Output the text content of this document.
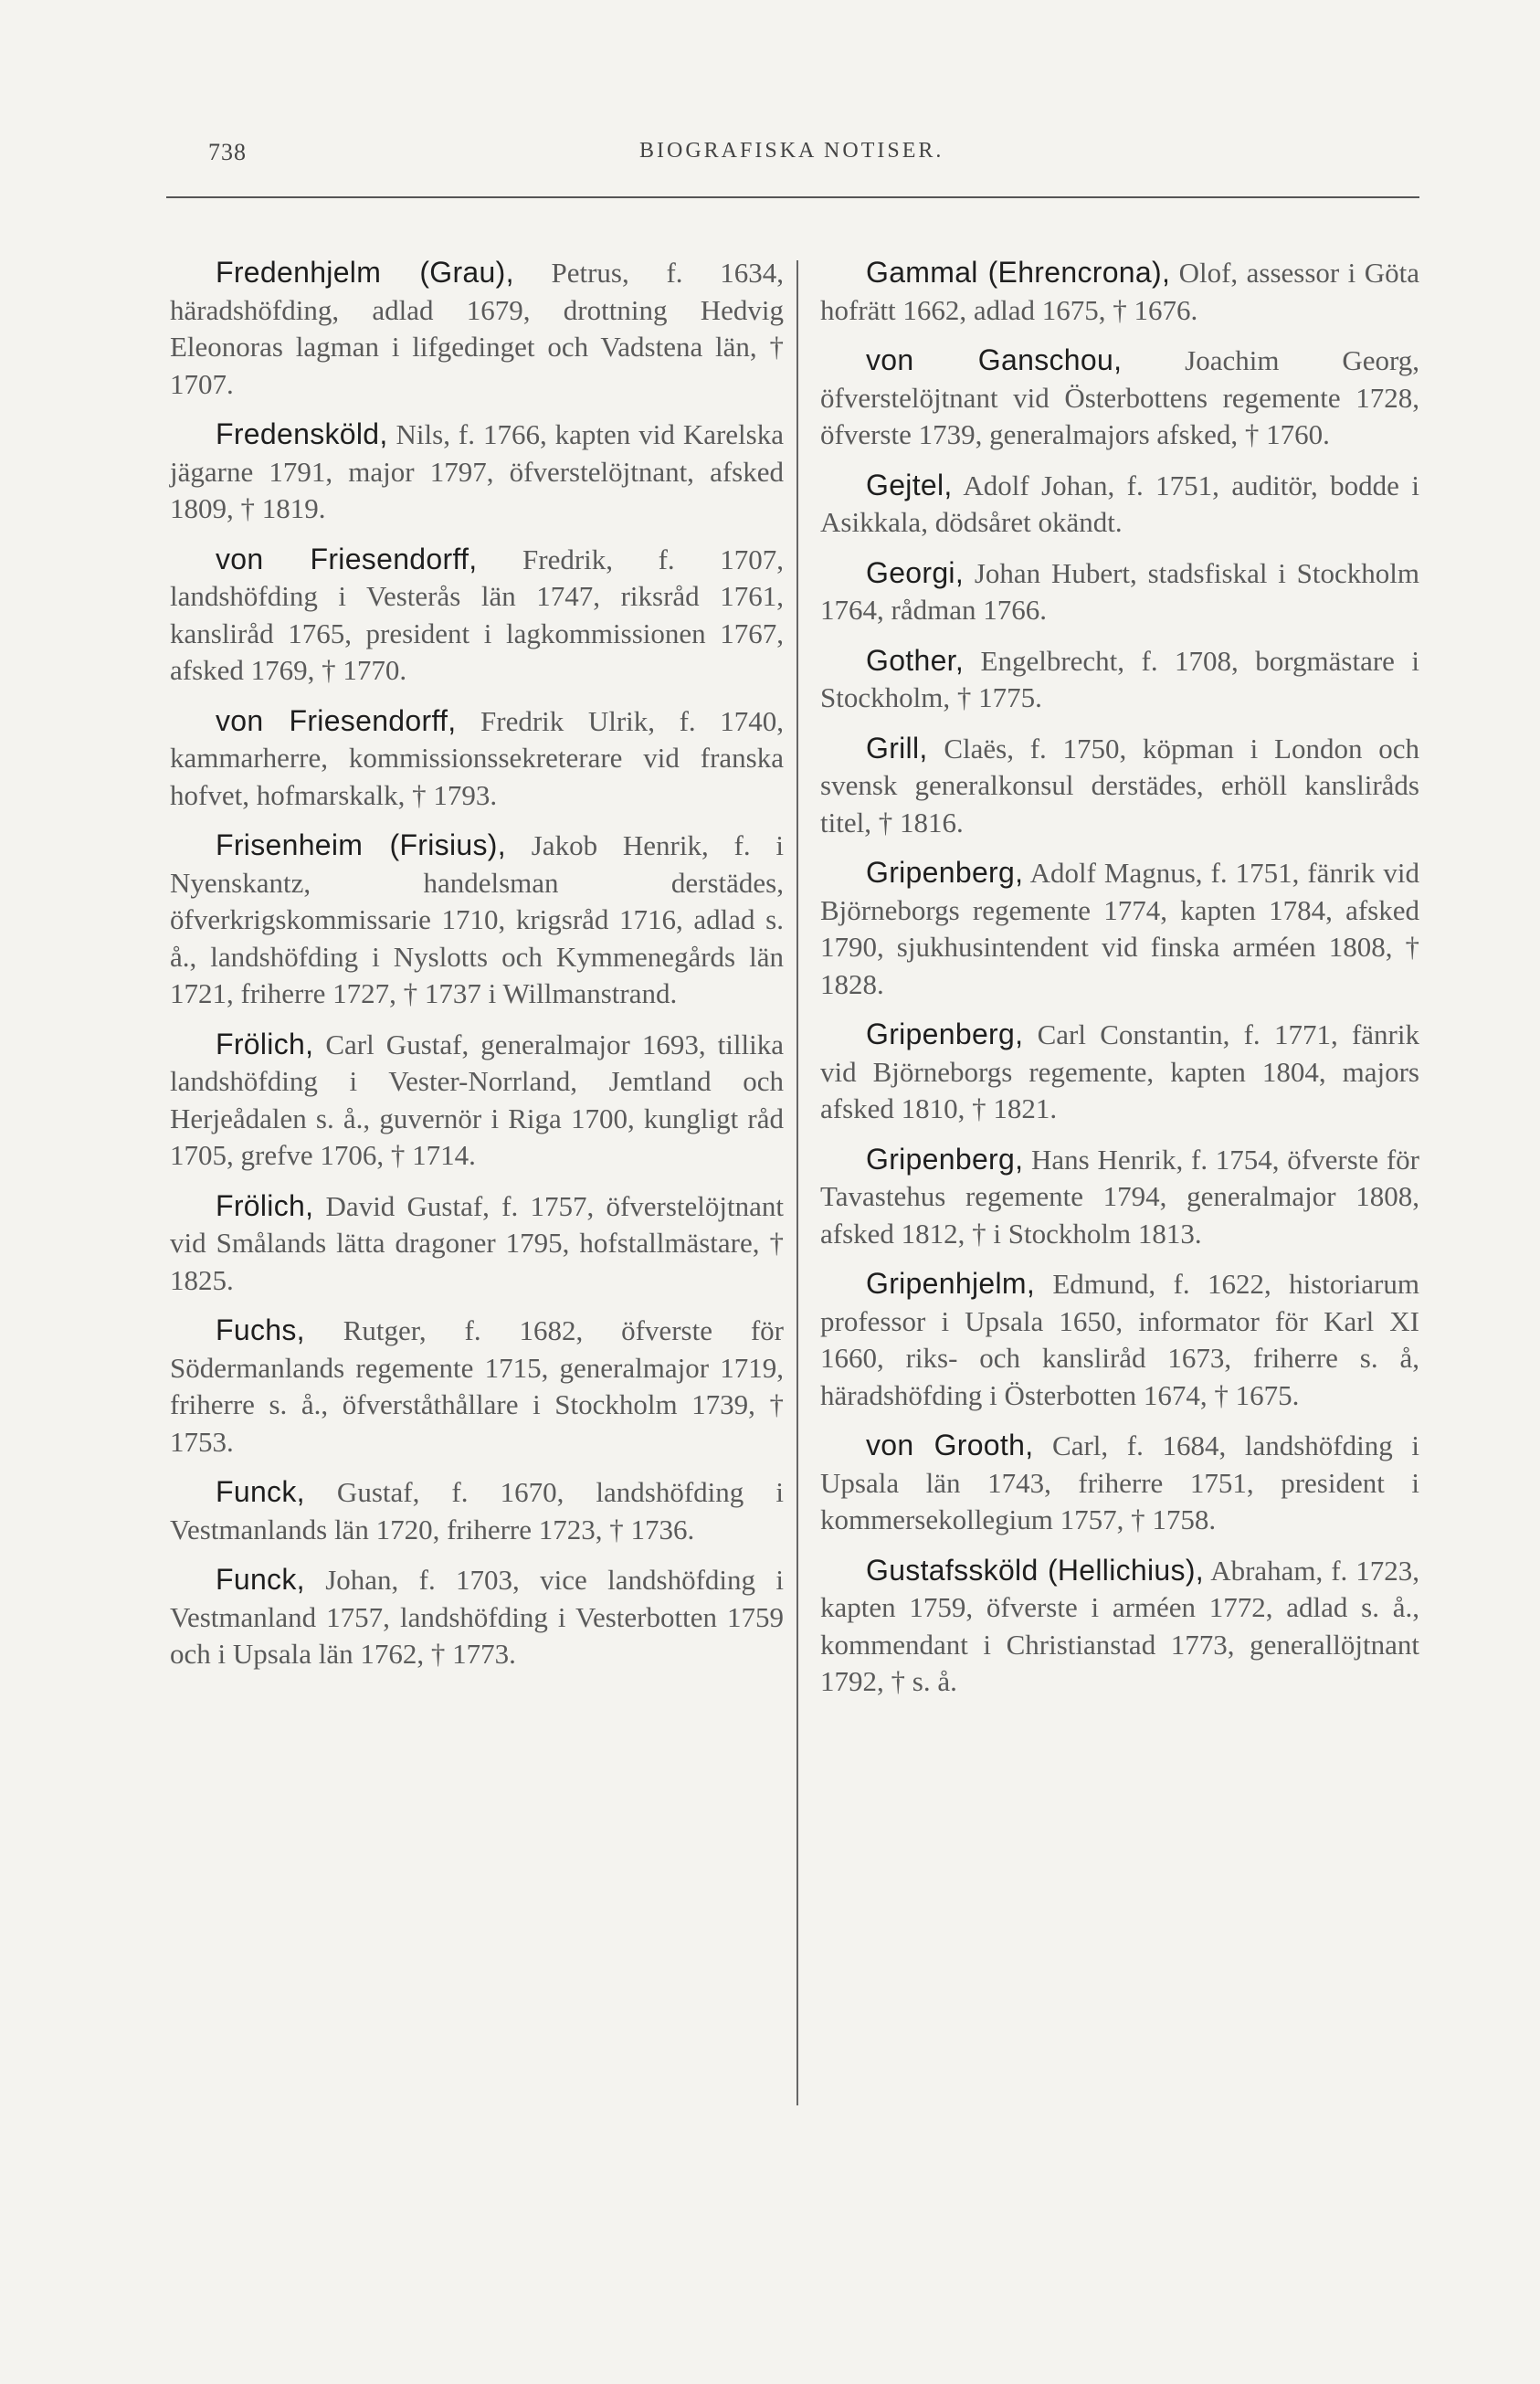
738	BIOGRAFISKA NOTISER.

Fredenhjelm (Grau), Petrus, f. 1634, häradshöfding, adlad 1679, drottning Hedvig Eleonoras lagman i lifgedinget och Vadstena län, † 1707.

Fredensköld, Nils, f. 1766, kapten vid Karelska jägarne 1791, major 1797, öfverstelöjtnant, afsked 1809, † 1819.

von Friesendorff, Fredrik, f. 1707, landshöfding i Vesterås län 1747, riksråd 1761, kansliråd 1765, president i lagkommissionen 1767, afsked 1769, † 1770.

von Friesendorff, Fredrik Ulrik, f. 1740, kammarherre, kommissionssekreterare vid franska hofvet, hofmarskalk, † 1793.

Frisenheim (Frisius), Jakob Henrik, f. i Nyenskantz, handelsman derstädes, öfverkrigskommissarie 1710, krigsråd 1716, adlad s. å., landshöfding i Nyslotts och Kymmenegårds län 1721, friherre 1727, † 1737 i Willmanstrand.

Frölich, Carl Gustaf, generalmajor 1693, tillika landshöfding i Vester-Norrland, Jemtland och Herjeådalen s. å., guvernör i Riga 1700, kungligt råd 1705, grefve 1706, † 1714.

Frölich, David Gustaf, f. 1757, öfverstelöjtnant vid Smålands lätta dragoner 1795, hofstallmästare, † 1825.

Fuchs, Rutger, f. 1682, öfverste för Södermanlands regemente 1715, generalmajor 1719, friherre s. å., öfverståthållare i Stockholm 1739, † 1753.

Funck, Gustaf, f. 1670, landshöfding i Vestmanlands län 1720, friherre 1723, † 1736.

Funck, Johan, f. 1703, vice landshöfding i Vestmanland 1757, landshöfding i Vesterbotten 1759 och i Upsala län 1762, † 1773.

Gammal (Ehrencrona), Olof, assessor i Göta hofrätt 1662, adlad 1675, † 1676.

von Ganschou, Joachim Georg, öfverstelöjtnant vid Österbottens regemente 1728, öfverste 1739, generalmajors afsked, † 1760.

Gejtel, Adolf Johan, f. 1751, auditör, bodde i Asikkala, dödsåret okändt.

Georgi, Johan Hubert, stadsfiskal i Stockholm 1764, rådman 1766.

Gother, Engelbrecht, f. 1708, borgmästare i Stockholm, † 1775.

Grill, Claës, f. 1750, köpman i London och svensk generalkonsul derstädes, erhöll kansliråds titel, † 1816.

Gripenberg, Adolf Magnus, f. 1751, fänrik vid Björneborgs regemente 1774, kapten 1784, afsked 1790, sjukhusintendent vid finska arméen 1808, † 1828.

Gripenberg, Carl Constantin, f. 1771, fänrik vid Björneborgs regemente, kapten 1804, majors afsked 1810, † 1821.

Gripenberg, Hans Henrik, f. 1754, öfverste för Tavastehus regemente 1794, generalmajor 1808, afsked 1812, † i Stockholm 1813.

Gripenhjelm, Edmund, f. 1622, historiarum professor i Upsala 1650, informator för Karl XI 1660, riks- och kansliråd 1673, friherre s. å, häradshöfding i Österbotten 1674, † 1675.

von Grooth, Carl, f. 1684, landshöfding i Upsala län 1743, friherre 1751, president i kommersekollegium 1757, † 1758.

Gustafssköld (Hellichius), Abraham, f. 1723, kapten 1759, öfverste i arméen 1772, adlad s. å., kommendant i Christianstad 1773, generallöjtnant 1792, † s. å.
